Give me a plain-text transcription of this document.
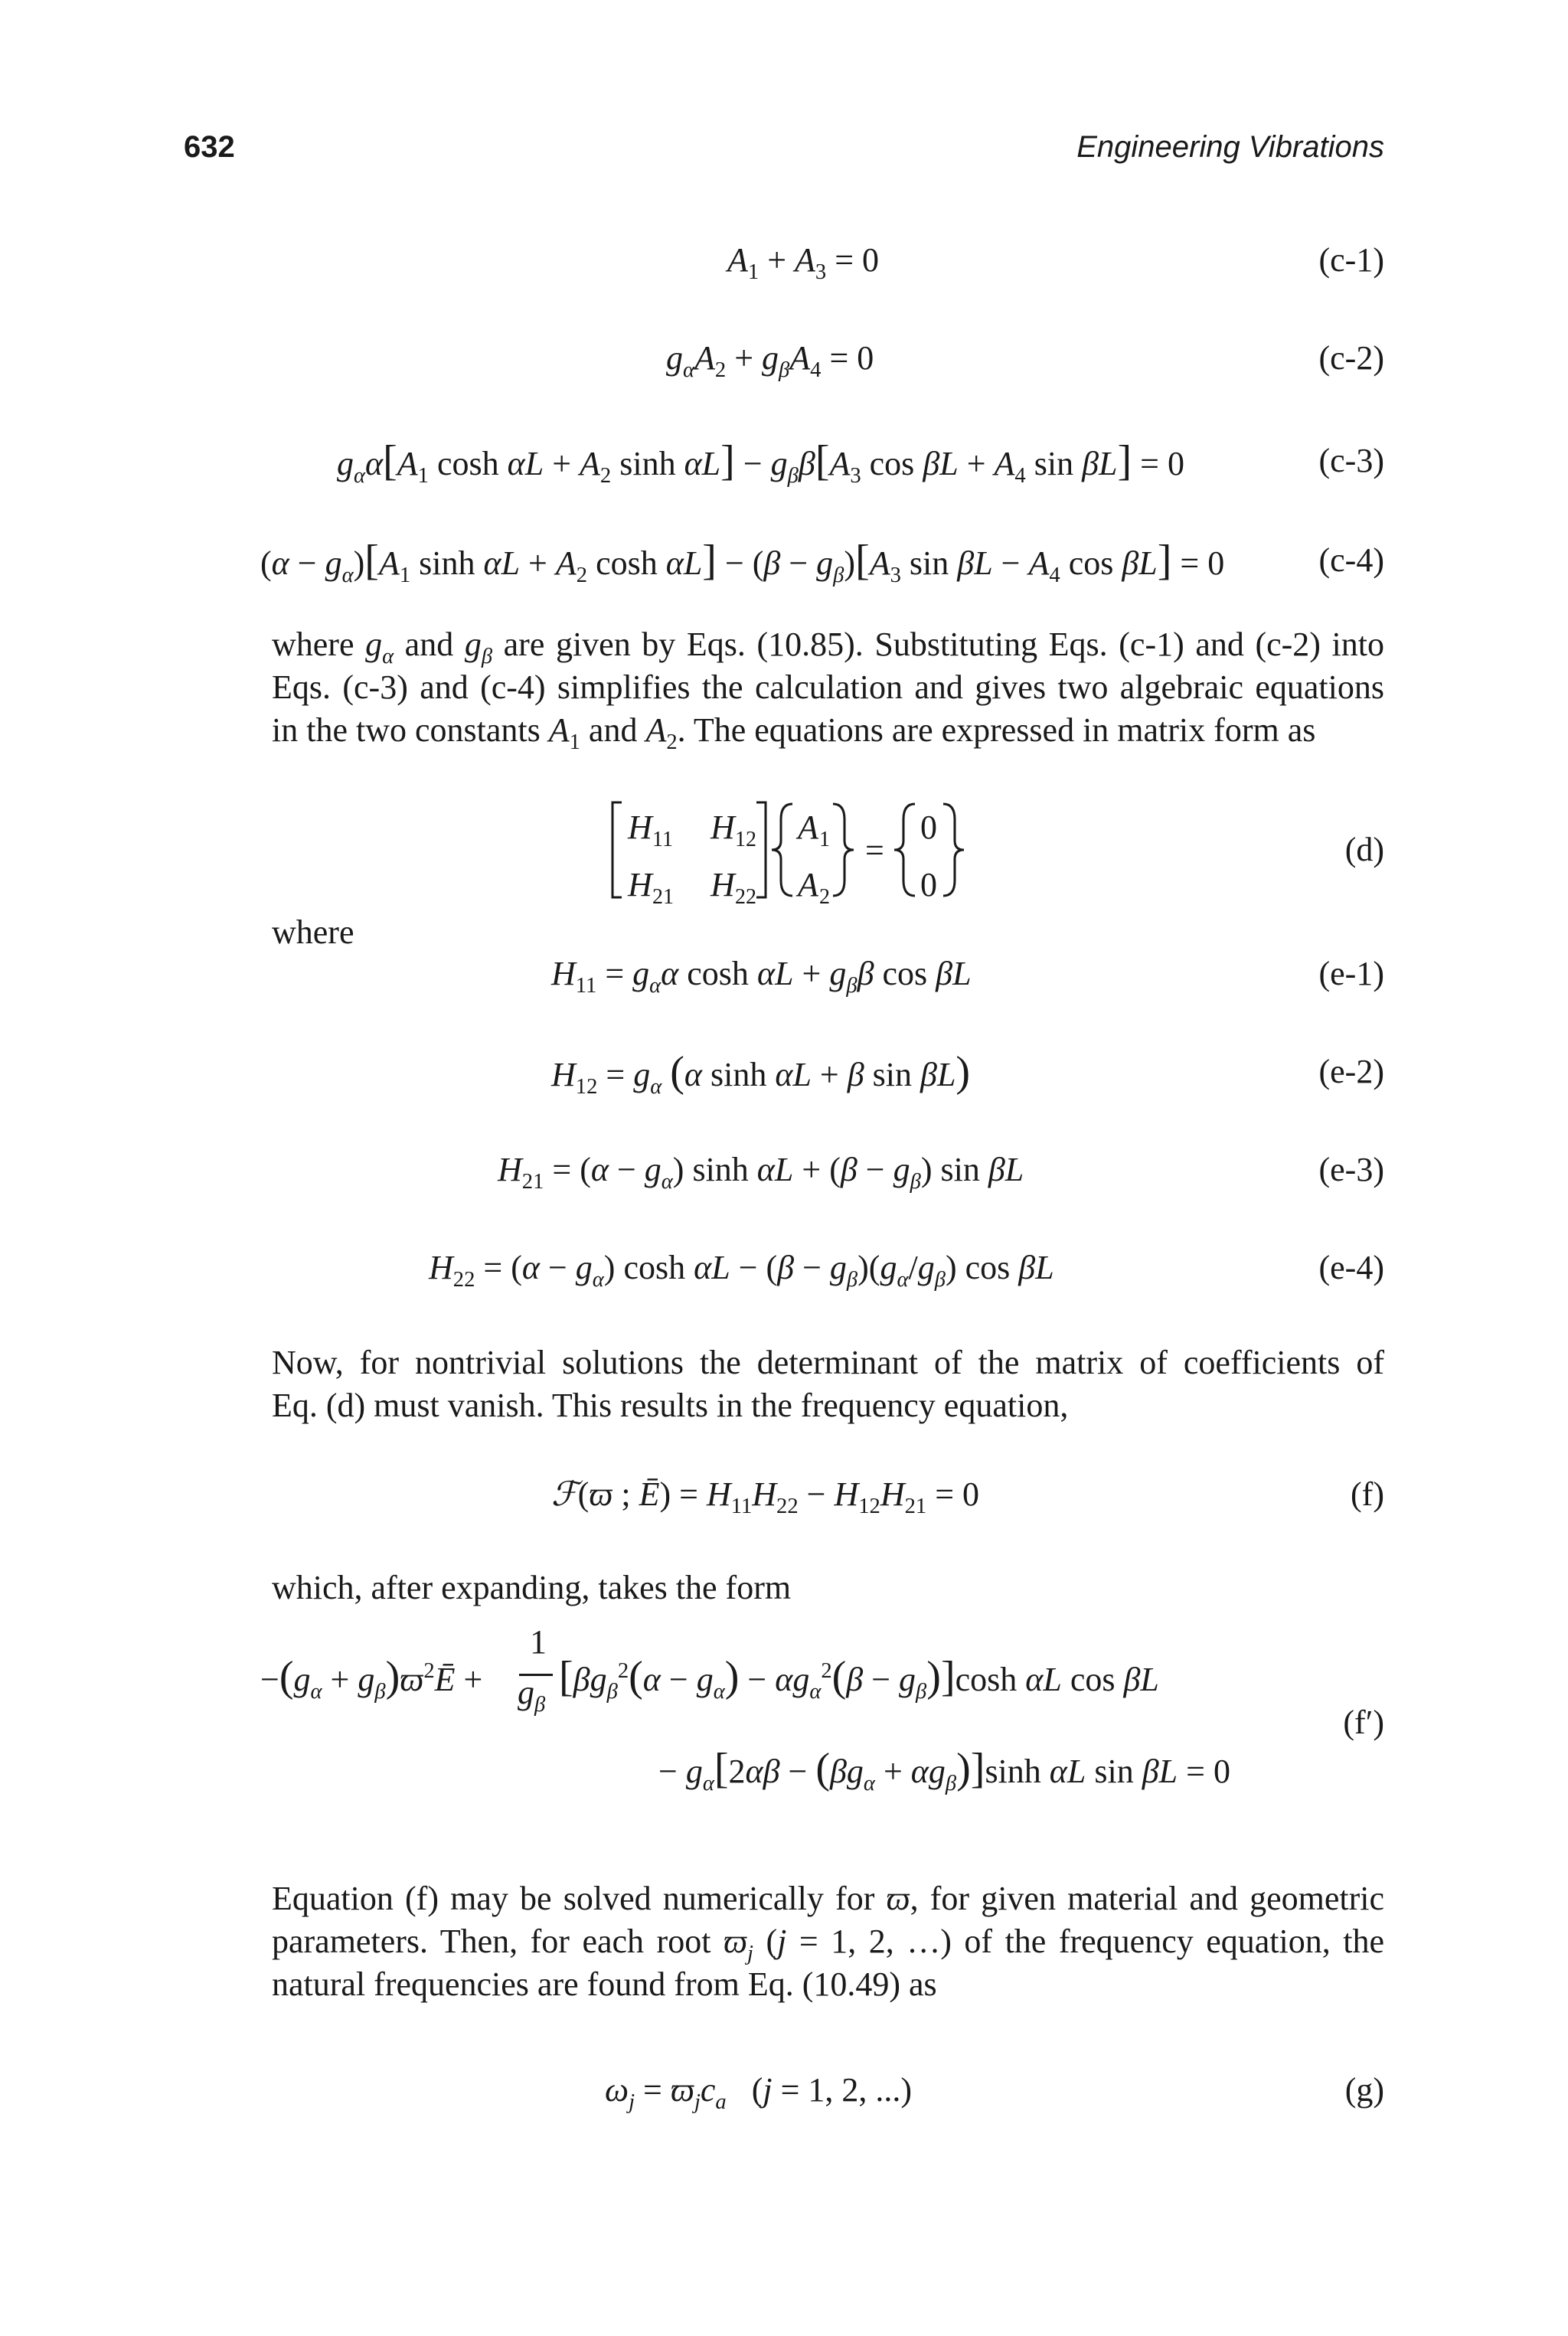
632	Engineering Vibrations
$A_1 + A_3 = 0$	(c-1)
$g_\alpha A_2 + g_\beta A_4 = 0$	(c-2)
$g_\alpha\alpha[A_1$ $\cosh \alpha L + A_2$ $\sinh \alpha L] - g_\beta\beta[A_3$ $\cos \beta L + A_4$ sin βL] = 0	(c-3)
$(\alpha - g_\alpha)[A_1$ $\sinh \alpha L + A_2$ $\cosh \alpha L] - (\beta - g_\beta)[A_3$ $\sin \beta L - A_4$ cos βL] = 0	(c-4)
where $g_\alpha$ and $g_\beta$ are given by Eqs. (10.85). Substituting Eqs. (c-1) and (c-2) into
Eqs. (c-3) and (c-4) simplifies the calculation and gives two algebraic equations
in the two constants $A_1$ and $A_2$. The equations are expressed in matrix form as
H 11 H 12
H 21 H 22
A 1
A 2
=
0
0
(d)
where
$H_{11} = g_\alpha\alpha$ $\cosh \alpha L + g_\beta\beta$ cos βL	(e-1)
$H_{12} = g_\alpha$ (α sinh αL + β sin βL)	(e-2)
$H_{21} = (\alpha - g_\alpha)$ $\sinh \alpha L + (\beta - g_\beta)$ sin βL	(e-3)
$H_{22} = (\alpha - g_\alpha)$ $\cosh \alpha L - (\beta - g_\beta)(g_\alpha/g_\beta)$ cos βL	(e-4)
Now, for nontrivial solutions the determinant of the matrix of coefficients of
Eq. (d) must vanish. This results in the frequency equation,
ℱ(ϖ ; Ē) = $H_{11}H_{22} - H_{12}H_{21} = 0$	(f)
which, after expanding, takes the form
$-(g_\alpha$ + $g_\beta)ϖ^2Ē$ +
1
$g_\beta$
$[\beta g_\beta^2(\alpha - g_\alpha) - \alpha g_\alpha^2(\beta - g_\beta)]\cosh$ αL cos βL
− $g_\alpha[2\alpha\beta - (\beta g_\alpha + \alpha g_\beta)]\sinh$ αL sin βL = 0
(f′)
Equation (f) may be solved numerically for ϖ, for given material and geometric
parameters. Then, for each root $ϖ_j$ (j = 1, 2, …) of the frequency equation, the
natural frequencies are found from Eq. (10.49) as
$\omega_j = ϖ_jc_a$   (j = 1, 2, ...)	(g)
